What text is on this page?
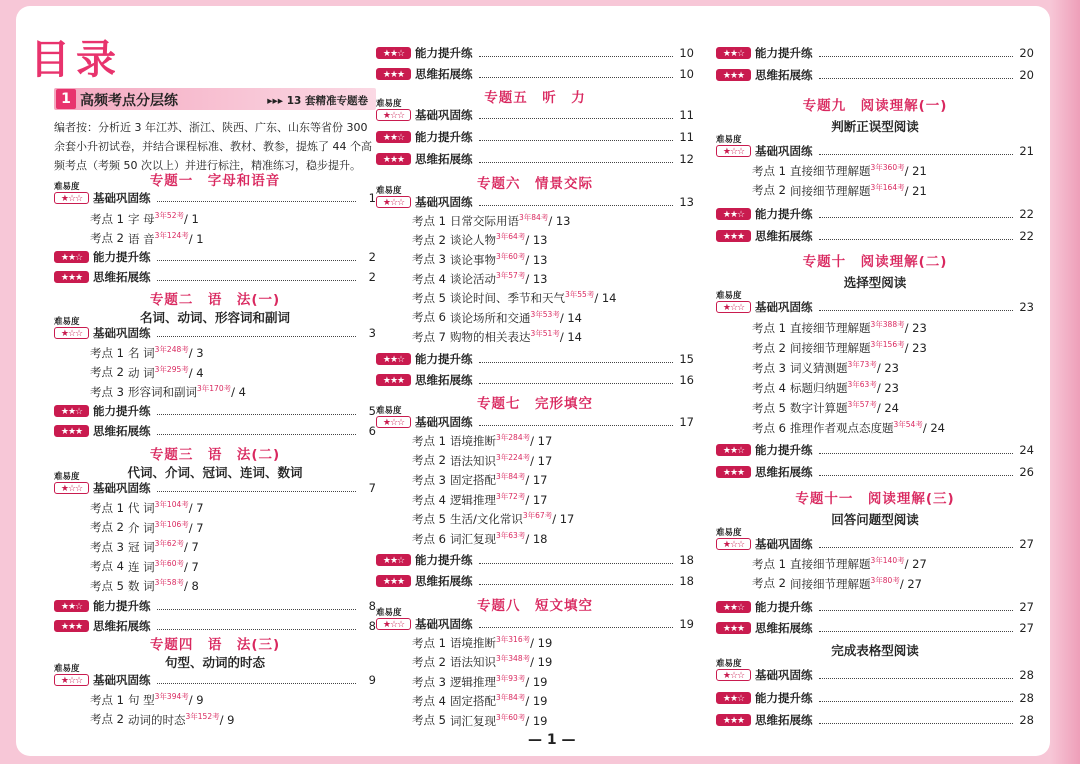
目录
1 高频考点分层练	▸▸▸ 13 套精准专题卷
编者按：分析近 3 年江苏、浙江、陕西、广东、山东等省份 300 余套小升初试卷，并结合课程标准、教材、教参，提炼了 44 个高频考点（考频 50 次以上）并进行标注，精准练习，稳步提升。
专题一　字母和语音
难易度
★☆☆ 基础巩固练	1
考点 1 字 母$^{3年52考}$/ 1
考点 2 语 音$^{3年124考}$/ 1
★★☆ 能力提升练	2
★★★ 思维拓展练	2
专题二　语　法(一)
名词、动词、形容词和副词
难易度
★☆☆ 基础巩固练	3
考点 1 名 词$^{3年248考}$/ 3
考点 2 动 词$^{3年295考}$/ 4
考点 3 形容词和副词$^{3年170考}$/ 4
★★☆ 能力提升练	5
★★★ 思维拓展练	6
专题三　语　法(二)
代词、介词、冠词、连词、数词
难易度
★☆☆ 基础巩固练	7
考点 1 代 词$^{3年104考}$/ 7
考点 2 介 词$^{3年106考}$/ 7
考点 3 冠 词$^{3年62考}$/ 7
考点 4 连 词$^{3年60考}$/ 7
考点 5 数 词$^{3年58考}$/ 8
★★☆ 能力提升练	8
★★★ 思维拓展练	8
专题四　语　法(三)
句型、动词的时态
难易度
★☆☆ 基础巩固练	9
考点 1 句 型$^{3年394考}$/ 9
考点 2 动词的时态$^{3年152考}$/ 9
★★☆ 能力提升练	10
★★★ 思维拓展练	10
专题五　听　力
难易度
★☆☆ 基础巩固练	11
★★☆ 能力提升练	11
★★★ 思维拓展练	12
专题六　情景交际
难易度
★☆☆ 基础巩固练	13
考点 1 日常交际用语$^{3年84考}$/ 13
考点 2 谈论人物$^{3年64考}$/ 13
考点 3 谈论事物$^{3年60考}$/ 13
考点 4 谈论活动$^{3年57考}$/ 13
考点 5 谈论时间、季节和天气$^{3年55考}$/ 14
考点 6 谈论场所和交通$^{3年53考}$/ 14
考点 7 购物的相关表达$^{3年51考}$/ 14
★★☆ 能力提升练	15
★★★ 思维拓展练	16
专题七　完形填空
难易度
★☆☆ 基础巩固练	17
考点 1 语境推断$^{3年284考}$/ 17
考点 2 语法知识$^{3年224考}$/ 17
考点 3 固定搭配$^{3年84考}$/ 17
考点 4 逻辑推理$^{3年72考}$/ 17
考点 5 生活/文化常识$^{3年67考}$/ 17
考点 6 词汇复现$^{3年63考}$/ 18
★★☆ 能力提升练	18
★★★ 思维拓展练	18
专题八　短文填空
难易度
★☆☆ 基础巩固练	19
考点 1 语境推断$^{3年316考}$/ 19
考点 2 语法知识$^{3年348考}$/ 19
考点 3 逻辑推理$^{3年93考}$/ 19
考点 4 固定搭配$^{3年84考}$/ 19
考点 5 词汇复现$^{3年60考}$/ 19
★★☆ 能力提升练	20
★★★ 思维拓展练	20
专题九　阅读理解(一)
判断正误型阅读
难易度
★☆☆ 基础巩固练	21
考点 1 直接细节理解题$^{3年360考}$/ 21
考点 2 间接细节理解题$^{3年164考}$/ 21
★★☆ 能力提升练	22
★★★ 思维拓展练	22
专题十　阅读理解(二)
选择型阅读
难易度
★☆☆ 基础巩固练	23
考点 1 直接细节理解题$^{3年388考}$/ 23
考点 2 间接细节理解题$^{3年156考}$/ 23
考点 3 词义猜测题$^{3年73考}$/ 23
考点 4 标题归纳题$^{3年63考}$/ 23
考点 5 数字计算题$^{3年57考}$/ 24
考点 6 推理作者观点态度题$^{3年54考}$/ 24
★★☆ 能力提升练	24
★★★ 思维拓展练	26
专题十一　阅读理解(三)
回答问题型阅读
难易度
★☆☆ 基础巩固练	27
考点 1 直接细节理解题$^{3年140考}$/ 27
考点 2 间接细节理解题$^{3年80考}$/ 27
★★☆ 能力提升练	27
★★★ 思维拓展练	27
完成表格型阅读
难易度
★☆☆ 基础巩固练	28
★★☆ 能力提升练	28
★★★ 思维拓展练	28
— 1 —
